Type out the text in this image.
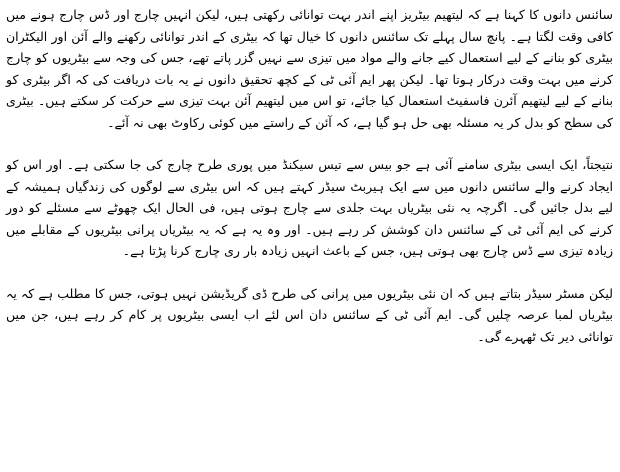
سائنس دانوں کا کہنا ہے کہ لیتھیم بیٹریز اپنے اندر بہت توانائی رکھتی ہیں، لیکن انہیں چارج اور ڈس چارج ہونے میں کافی وقت لگتا ہے۔ پانچ سال پہلے تک سائنس دانوں کا خیال تھا کہ بیٹری کے اندر توانائی رکھنے والے آئن اور الیکٹران بیٹری کو بنانے کے لیے استعمال کیے جانے والے مواد میں تیزی سے نہیں گزر پاتے تھے، جس کی وجہ سے بیٹریوں کو چارج کرنے میں بہت وقت درکار ہوتا تھا۔ لیکن پھر ایم آئی ٹی کے کچھ تحقیق دانوں نے یہ بات دریافت کی کہ اگر بیٹری کو بنانے کے لیے لیتھیم آئرن فاسفیٹ استعمال کیا جائے، تو اس میں لیتھیم آئن بہت تیزی سے حرکت کر سکتے ہیں۔ بیٹری کی سطح کو بدل کر یہ مسئلہ بھی حل ہو گیا ہے، کہ آئن کے راستے میں کوئی رکاوٹ بھی نہ آئے۔

نتیجتاً، ایک ایسی بیٹری سامنے آئی ہے جو بیس سے تیس سیکنڈ میں پوری طرح چارج کی جا سکتی ہے۔ اور اس کو ایجاد کرنے والے سائنس دانوں میں سے ایک ہیربٹ سیڈر کہتے ہیں کہ اس بیٹری سے لوگوں کی زندگیاں ہمیشہ کے لیے بدل جائیں گی۔ اگرچہ یہ نئی بیٹریاں بہت جلدی سے چارج ہوتی ہیں، فی الحال ایک چھوٹے سے مسئلے کو دور کرنے کی ایم آئی ٹی کے سائنس دان کوشش کر رہے ہیں۔ اور وہ یہ ہے کہ یہ بیٹریاں پرانی بیٹریوں کے مقابلے میں زیادہ تیزی سے ڈس چارج بھی ہوتی ہیں، جس کے باعث انہیں زیادہ بار ری چارج کرنا پڑتا ہے۔

لیکن مسٹر سیڈر بتاتے ہیں کہ ان نئی بیٹریوں میں پرانی کی طرح ڈی گریڈیشن نہیں ہوتی، جس کا مطلب ہے کہ یہ بیٹریاں لمبا عرصہ چلیں گی۔ ایم آئی ٹی کے سائنس دان اس لئے اب ایسی بیٹریوں پر کام کر رہے ہیں، جن میں توانائی دیر تک ٹھہرے گی۔
